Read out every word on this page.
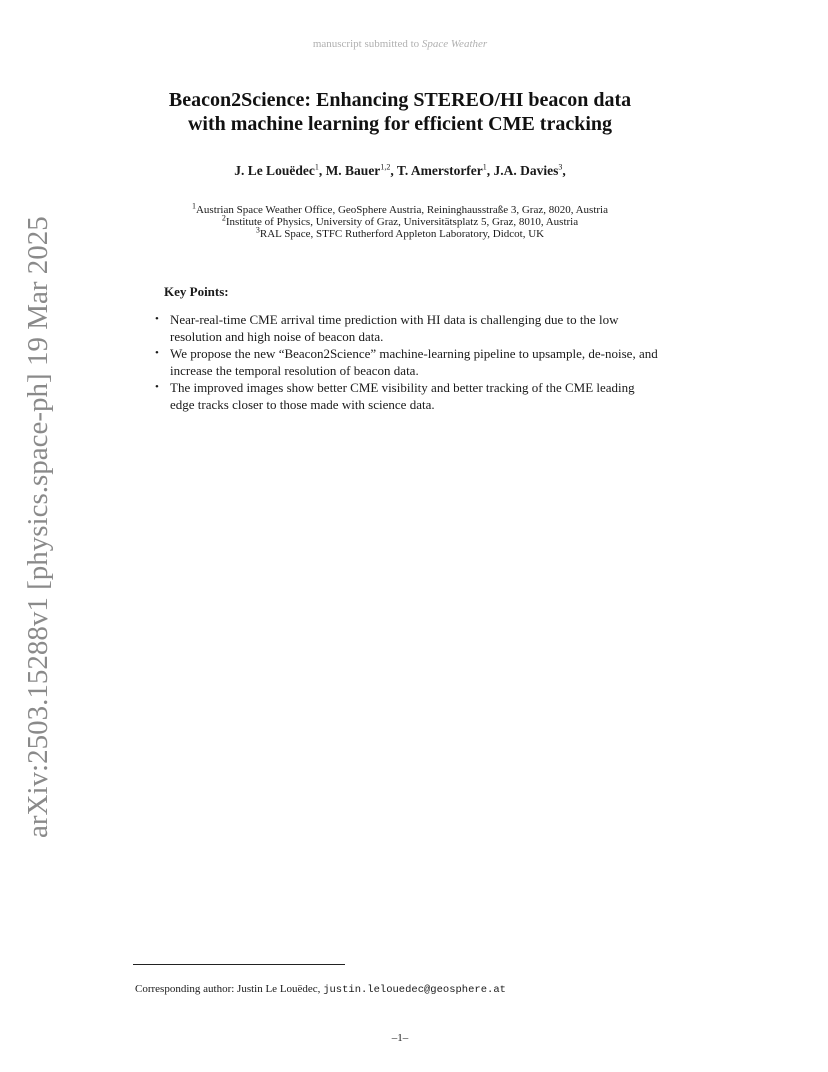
manuscript submitted to Space Weather
Beacon2Science: Enhancing STEREO/HI beacon data
with machine learning for efficient CME tracking
J. Le Louëdec$^1$, M. Bauer$^{1,2}$, T. Amerstorfer$^1$, J.A. Davies$^3$,
$^1$Austrian Space Weather Office, GeoSphere Austria, Reininghausstraße 3, Graz, 8020, Austria
$^2$Institute of Physics, University of Graz, Universitätsplatz 5, Graz, 8010, Austria
$^3$RAL Space, STFC Rutherford Appleton Laboratory, Didcot, UK
Key Points:
• Near-real-time CME arrival time prediction with HI data is challenging due to the low resolution and high noise of beacon data.
• We propose the new “Beacon2Science” machine-learning pipeline to upsample, de-noise, and increase the temporal resolution of beacon data.
• The improved images show better CME visibility and better tracking of the CME leading edge tracks closer to those made with science data.
arXiv:2503.15288v1 [physics.space-ph] 19 Mar 2025
Corresponding author: Justin Le Louëdec, justin.lelouedec@geosphere.at
–1–
